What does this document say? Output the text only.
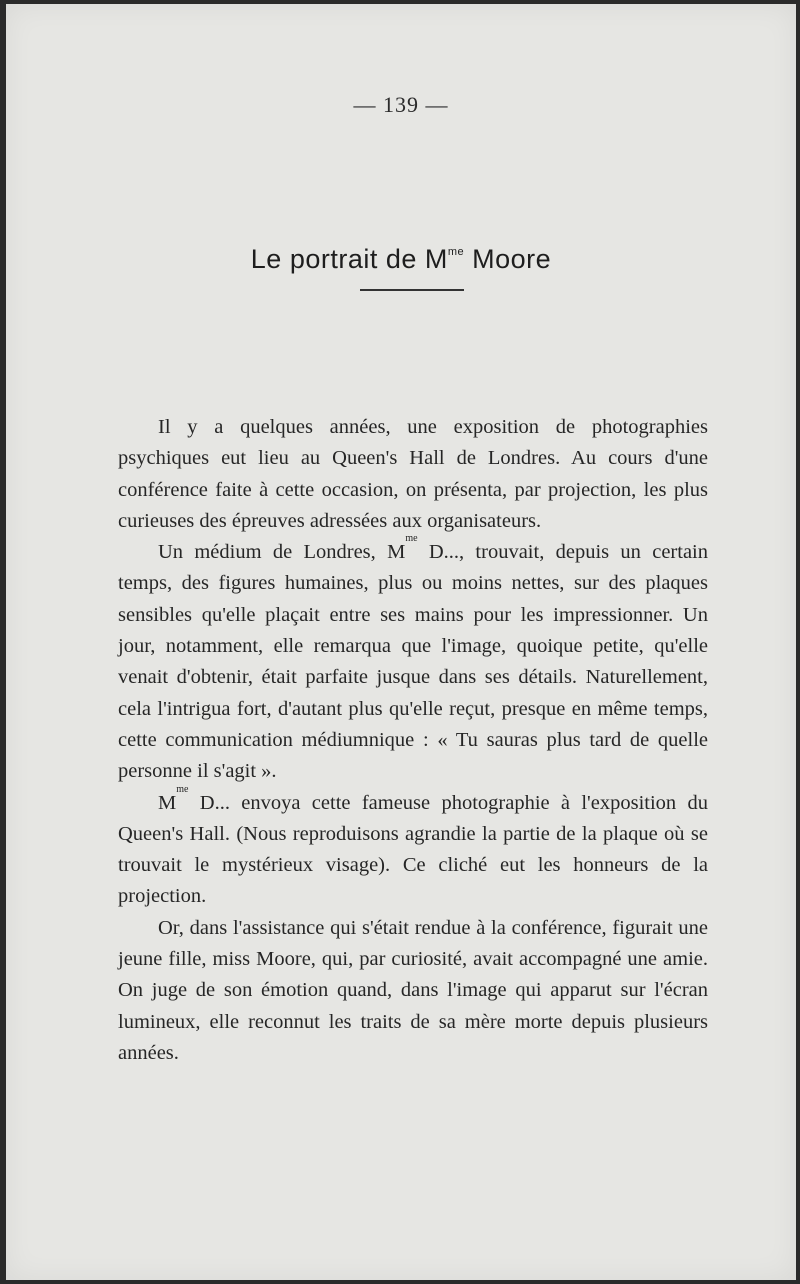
— 139 —
Le portrait de $M^{me}$ Moore

Il y a quelques années, une exposition de photographies psychiques eut lieu au Queen's Hall de Londres. Au cours d'une conférence faite à cette occasion, on présenta, par projection, les plus curieuses des épreuves adressées aux organisateurs.

Un médium de Londres, $M^{me}$ D..., trouvait, depuis un certain temps, des figures humaines, plus ou moins nettes, sur des plaques sensibles qu'elle plaçait entre ses mains pour les impressionner. Un jour, notamment, elle remarqua que l'image, quoique petite, qu'elle venait d'obtenir, était parfaite jusque dans ses détails. Naturellement, cela l'intrigua fort, d'autant plus qu'elle reçut, presque en même temps, cette communication médiumnique : « Tu sauras plus tard de quelle personne il s'agit ».

$M^{me}$ D... envoya cette fameuse photographie à l'exposition du Queen's Hall. (Nous reproduisons agrandie la partie de la plaque où se trouvait le mystérieux visage). Ce cliché eut les honneurs de la projection.

Or, dans l'assistance qui s'était rendue à la conférence, figurait une jeune fille, miss Moore, qui, par curiosité, avait accompagné une amie. On juge de son émotion quand, dans l'image qui apparut sur l'écran lumineux, elle reconnut les traits de sa mère morte depuis plusieurs années.
